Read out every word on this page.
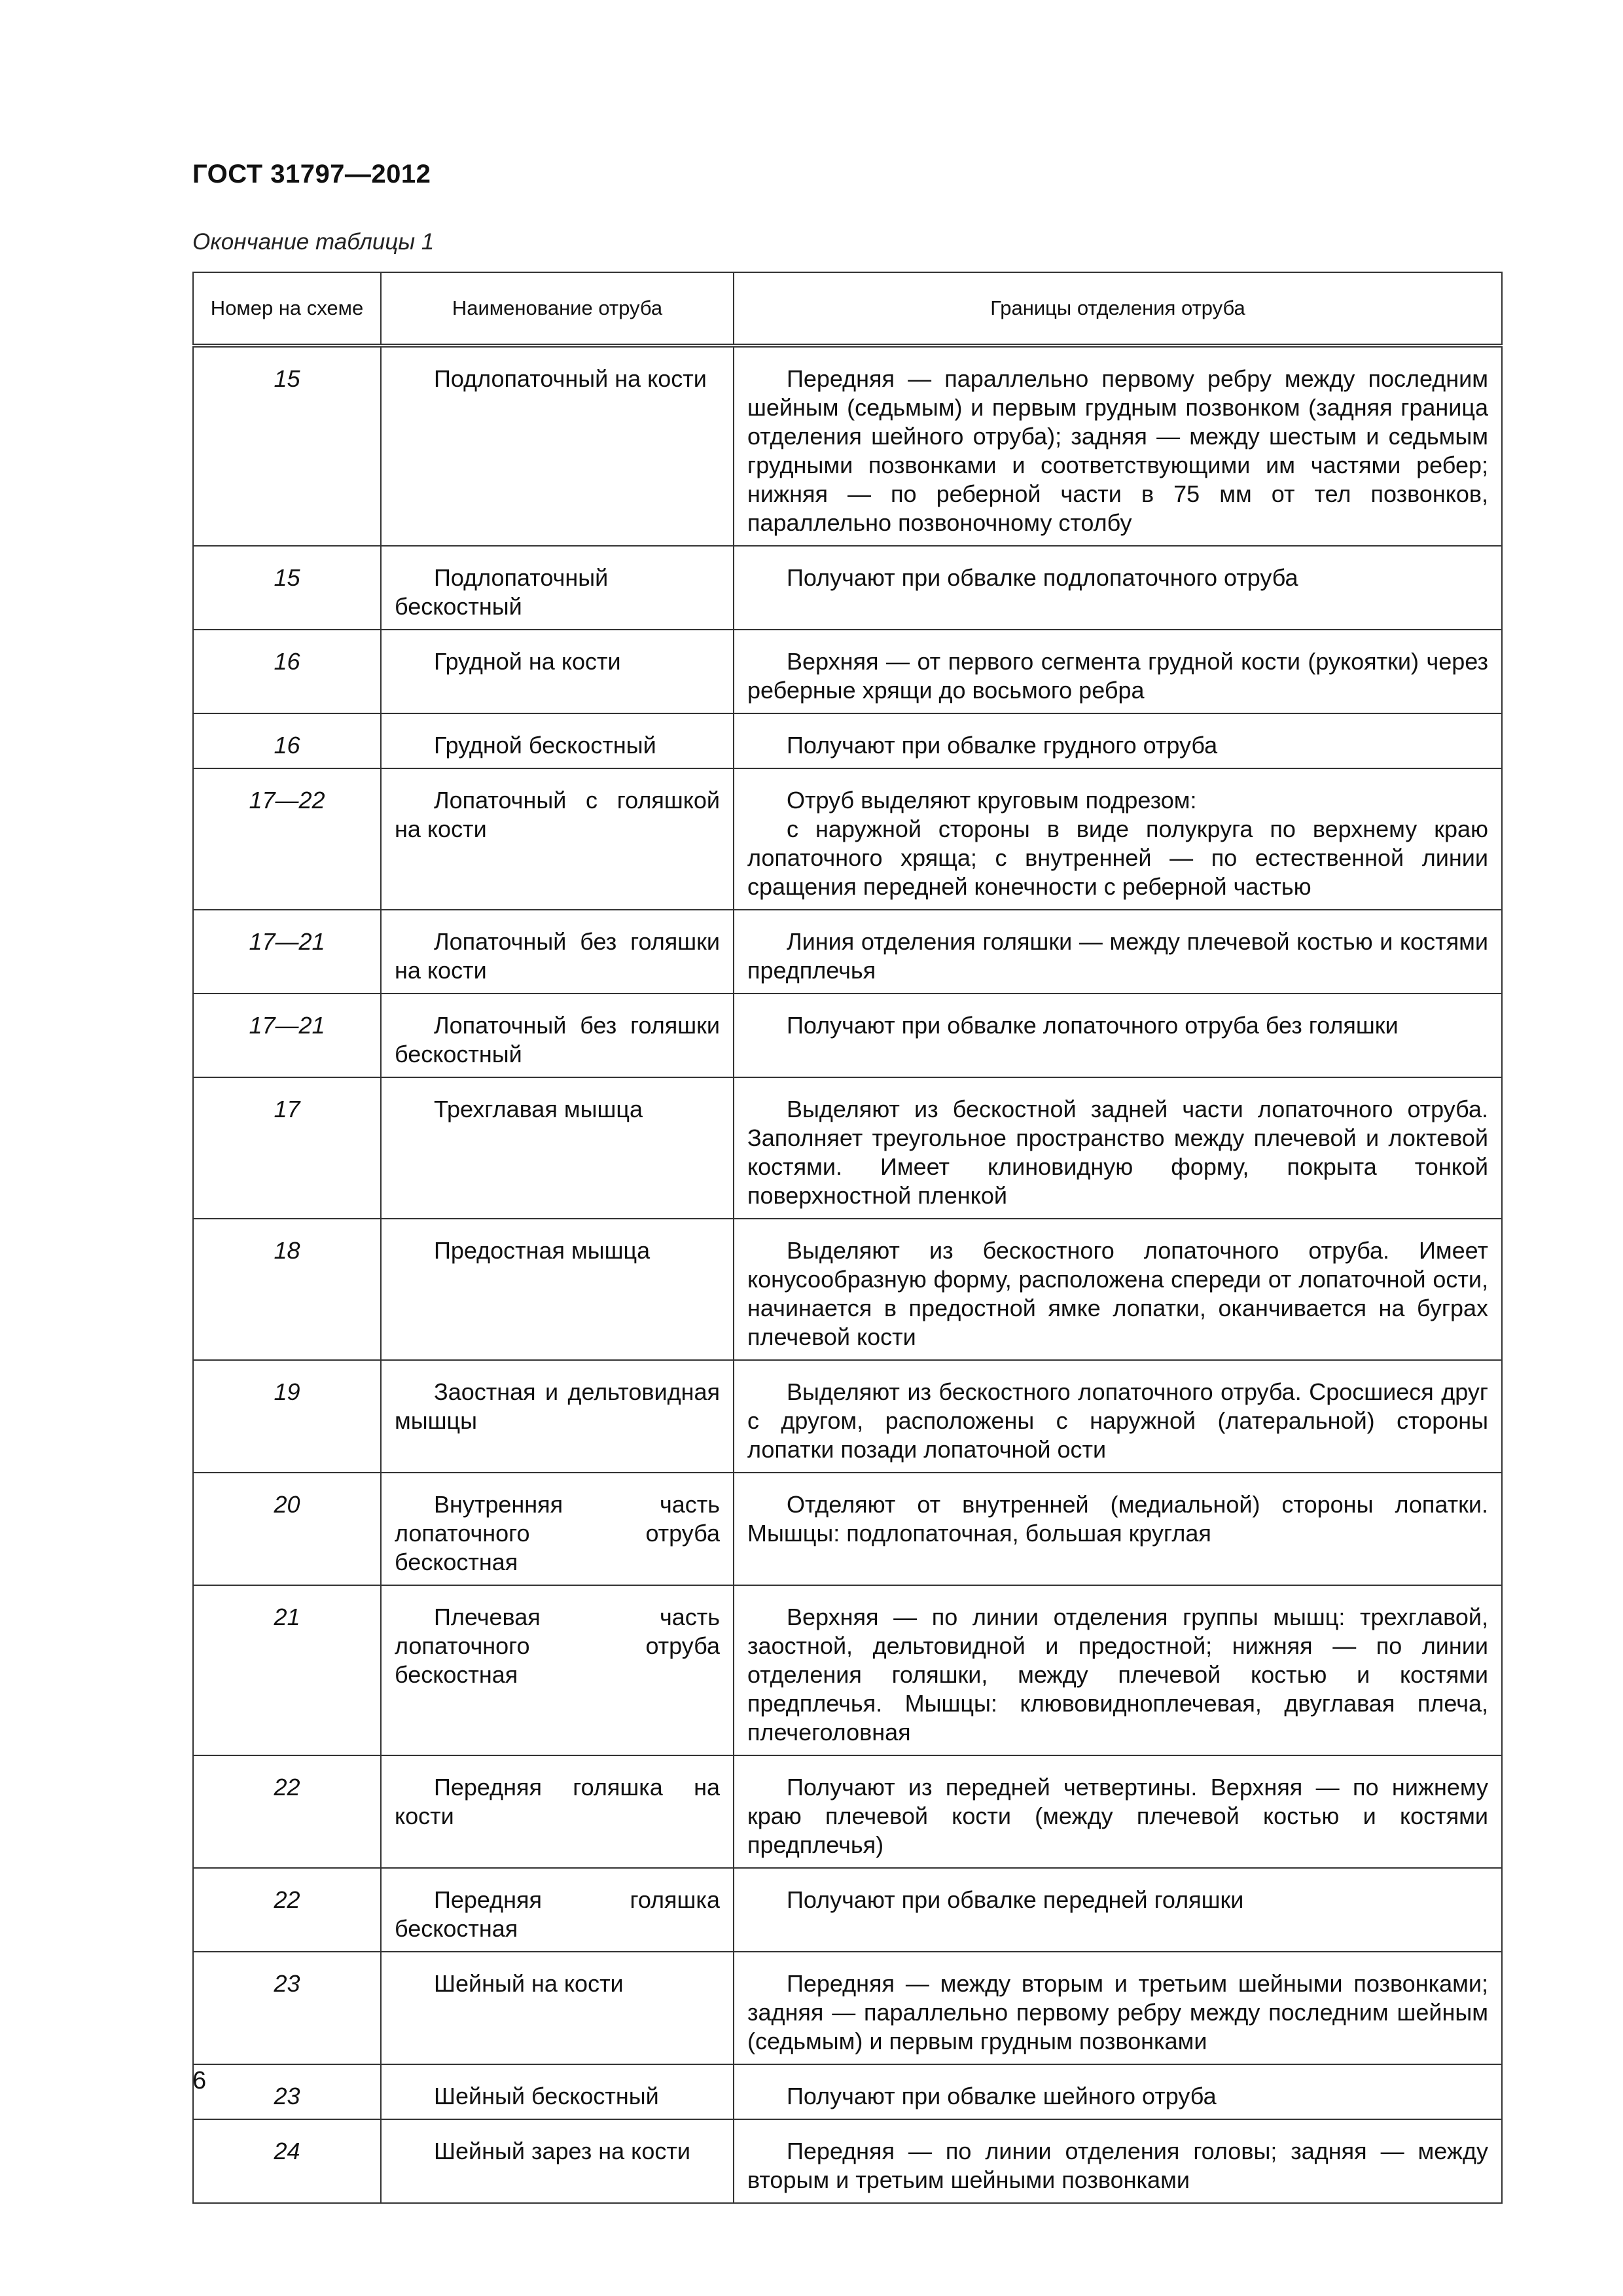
ГОСТ 31797—2012
Окончание таблицы 1
Номер на схеме	Наименование отруба	Границы отделения отруба
15	Подлопаточный на кости	Передняя — параллельно первому ребру между последним шейным (седьмым) и первым грудным позвонком (задняя граница отделения шейного отруба); задняя — между шестым и седьмым грудными позвонками и соответствующими им частями ребер; нижняя — по реберной части в 75 мм от тел позвонков, параллельно позвоночному столбу

15	Подлопаточный бескостный	Получают при обвалке подлопаточного отруба

16	Грудной на кости	Верхняя — от первого сегмента грудной кости (рукоятки) через реберные хрящи до восьмого ребра

16	Грудной бескостный	Получают при обвалке грудного отруба

17—22	Лопаточный с голяшкой на кости	Отруб выделяют круговым подрезом:
с наружной стороны в виде полукруга по верхнему краю лопаточного хряща; с внутренней — по естественной линии сращения передней конечности с реберной частью

17—21	Лопаточный без голяшки на кости	Линия отделения голяшки — между плечевой костью и костями предплечья

17—21	Лопаточный без голяшки бескостный	Получают при обвалке лопаточного отруба без голяшки

17	Трехглавая мышца	Выделяют из бескостной задней части лопаточного отруба. Заполняет треугольное пространство между плечевой и локтевой костями. Имеет клиновидную форму, покрыта тонкой поверхностной пленкой

18	Предостная мышца	Выделяют из бескостного лопаточного отруба. Имеет конусообразную форму, расположена спереди от лопаточной ости, начинается в предостной ямке лопатки, оканчивается на буграх плечевой кости

19	Заостная и дельтовидная мышцы	Выделяют из бескостного лопаточного отруба. Сросшиеся друг с другом, расположены с наружной (латеральной) стороны лопатки позади лопаточной ости

20	Внутренняя часть лопаточного отруба бескостная	Отделяют от внутренней (медиальной) стороны лопатки. Мышцы: подлопаточная, большая круглая

21	Плечевая часть лопаточного отруба бескостная	Верхняя — по линии отделения группы мышц: трехглавой, заостной, дельтовидной и предостной; нижняя — по линии отделения голяшки, между плечевой костью и костями предплечья. Мышцы: клювовидноплечевая, двуглавая плеча, плечеголовная

22	Передняя голяшка на кости	Получают из передней четвертины. Верхняя — по нижнему краю плечевой кости (между плечевой костью и костями предплечья)

22	Передняя голяшка бескостная	Получают при обвалке передней голяшки

23	Шейный на кости	Передняя — между вторым и третьим шейными позвонками; задняя — параллельно первому ребру между последним шейным (седьмым) и первым грудным позвонками

23	Шейный бескостный	Получают при обвалке шейного отруба

24	Шейный зарез на кости	Передняя — по линии отделения головы; задняя — между вторым и третьим шейными позвонками
6
